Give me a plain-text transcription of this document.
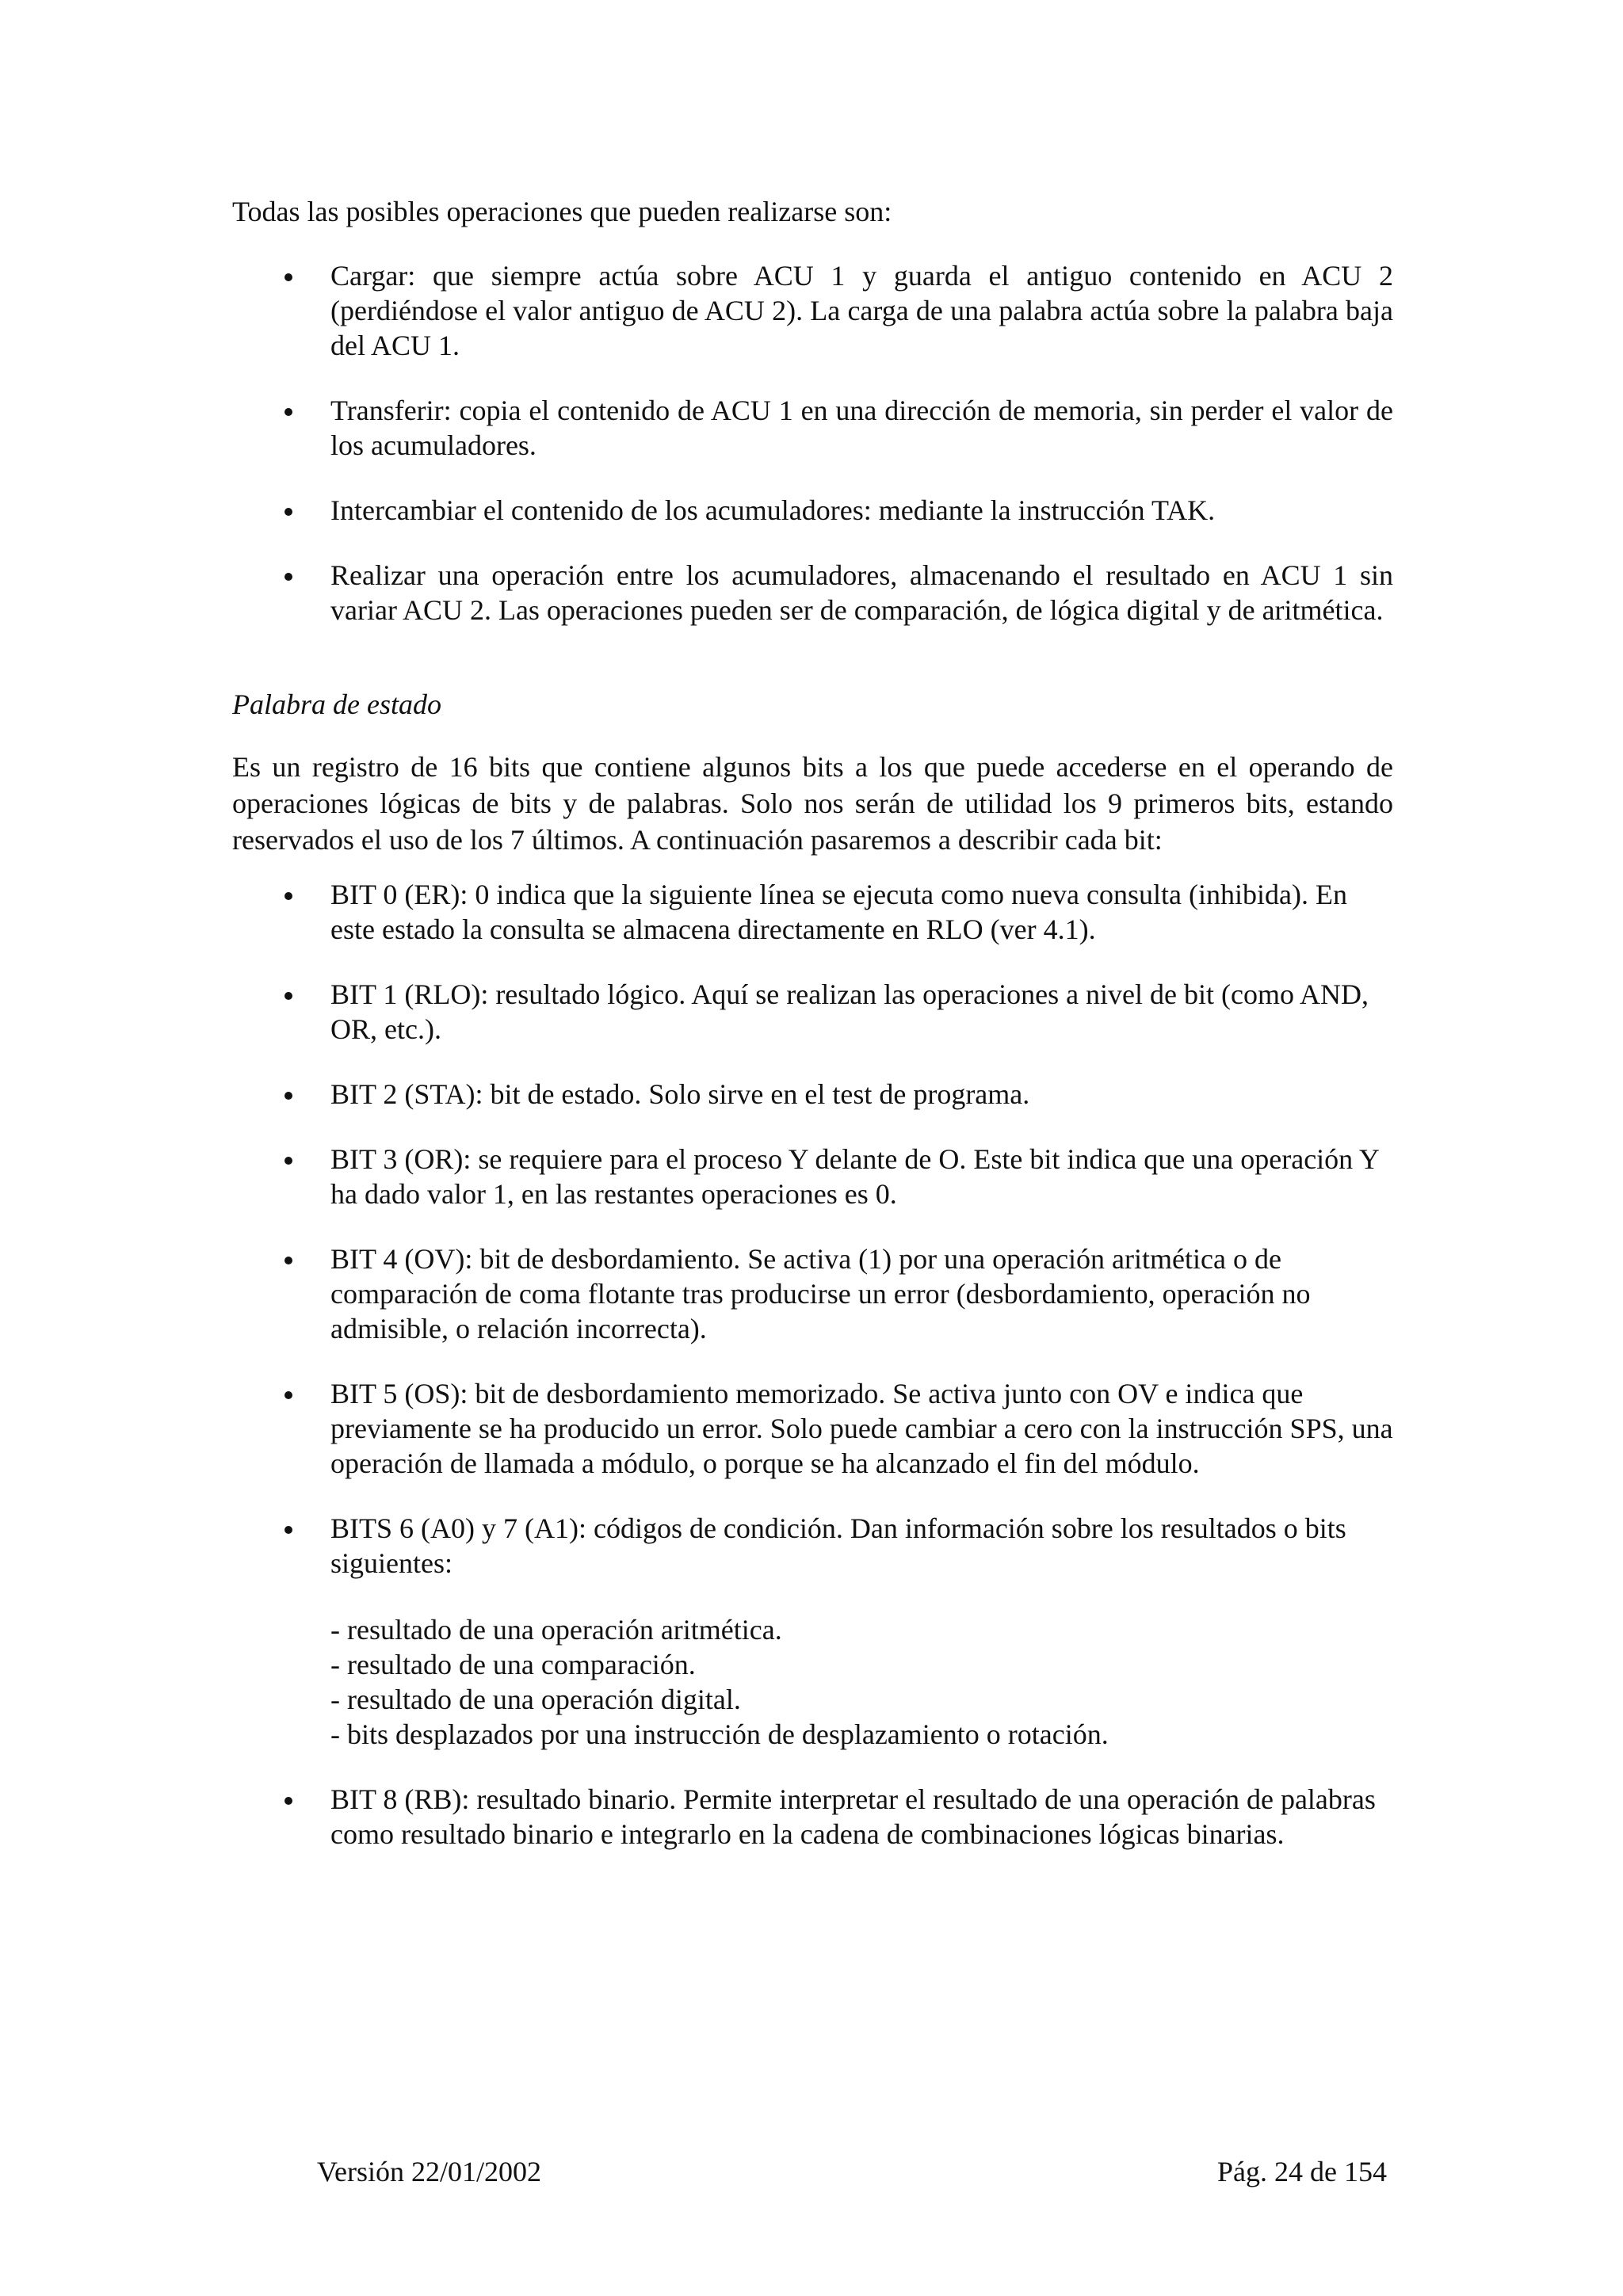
Todas las posibles operaciones que pueden realizarse son:

Cargar: que siempre actúa sobre ACU 1 y guarda el antiguo contenido en ACU 2 (perdiéndose el valor antiguo de ACU 2). La carga de una palabra actúa sobre la palabra baja del ACU 1.
Transferir: copia el contenido de ACU 1 en una dirección de memoria, sin perder el valor de los acumuladores.
Intercambiar el contenido de los acumuladores: mediante la instrucción TAK.
Realizar una operación entre los acumuladores, almacenando el resultado en ACU 1 sin variar ACU 2. Las operaciones pueden ser de comparación, de lógica digital y de aritmética.

Palabra de estado

Es un registro de 16 bits que contiene algunos bits a los que puede accederse en el operando de operaciones lógicas de bits y de palabras. Solo nos serán de utilidad los 9 primeros bits, estando reservados el uso de los 7 últimos. A continuación pasaremos a describir cada bit:

BIT 0 (ER): 0 indica que la siguiente línea se ejecuta como nueva consulta (inhibida). En este estado la consulta se almacena directamente en RLO (ver 4.1).
BIT 1 (RLO): resultado lógico. Aquí se realizan las operaciones a nivel de bit (como AND, OR, etc.).
BIT 2 (STA): bit de estado. Solo sirve en el test de programa.
BIT 3 (OR): se requiere para el proceso Y delante de O. Este bit indica que una operación Y ha dado valor 1, en las restantes operaciones es 0.
BIT 4 (OV): bit de desbordamiento. Se activa (1) por una operación aritmética o de comparación de coma flotante tras producirse un error (desbordamiento, operación no admisible, o relación incorrecta).
BIT 5 (OS): bit de desbordamiento memorizado. Se activa junto con OV e indica que previamente se ha producido un error. Solo puede cambiar a cero con la instrucción SPS, una operación de llamada a módulo, o porque se ha alcanzado el fin del módulo.
BITS 6 (A0) y 7 (A1): códigos de condición. Dan información sobre los resultados o bits siguientes:
- resultado de una operación aritmética.
- resultado de una comparación.
- resultado de una operación digital.
- bits desplazados por una instrucción de desplazamiento o rotación.
BIT 8 (RB): resultado binario. Permite interpretar el resultado de una operación de palabras como resultado binario e integrarlo en la cadena de combinaciones lógicas binarias.

Versión 22/01/2002	Pág. 24 de 154
